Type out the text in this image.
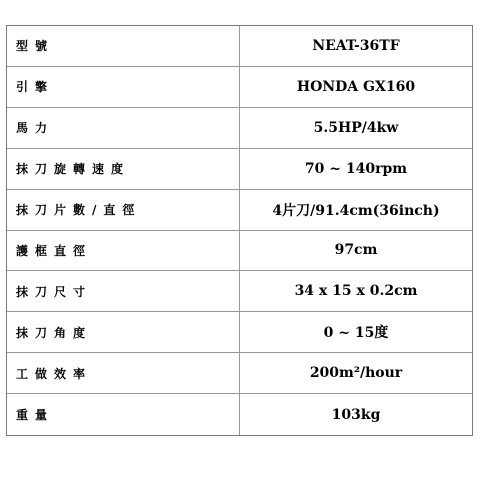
型號	NEAT-36TF
引擎	HONDA GX160
馬力	5.5HP/4kw
抹刀旋轉速度	70 ~ 140rpm
抹刀片數/直徑	4片刀/91.4cm(36inch)
護框直徑	97cm
抹刀尺寸	34 x 15 x 0.2cm
抹刀角度	0 ~ 15度
工做效率	200m²/hour
重量	103kg
